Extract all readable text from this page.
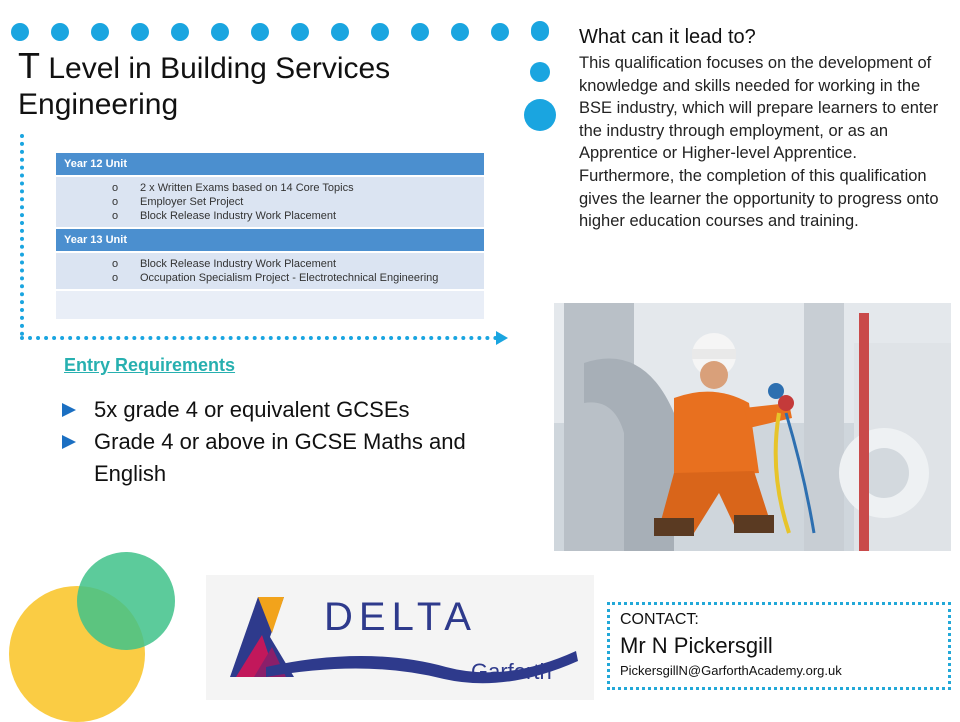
T Level in Building Services Engineering
Year 12 Unit
o 2 x Written Exams based on 14 Core Topics
o Employer Set Project
o Block Release Industry Work Placement
Year 13 Unit
o Block Release Industry Work Placement
o Occupation Specialism Project - Electrotechnical Engineering
Entry Requirements
5x grade 4 or equivalent GCSEs
Grade 4 or above in GCSE Maths and English
What can it lead to?
This qualification focuses on the development of knowledge and skills needed for working in the BSE industry, which will prepare learners to enter the industry through employment, or as an Apprentice or Higher-level Apprentice. Furthermore, the completion of this qualification gives the learner the opportunity to progress onto higher education courses and training.
DELTA
Garforth
CONTACT:
Mr N Pickersgill
PickersgillN@GarforthAcademy.org.uk
